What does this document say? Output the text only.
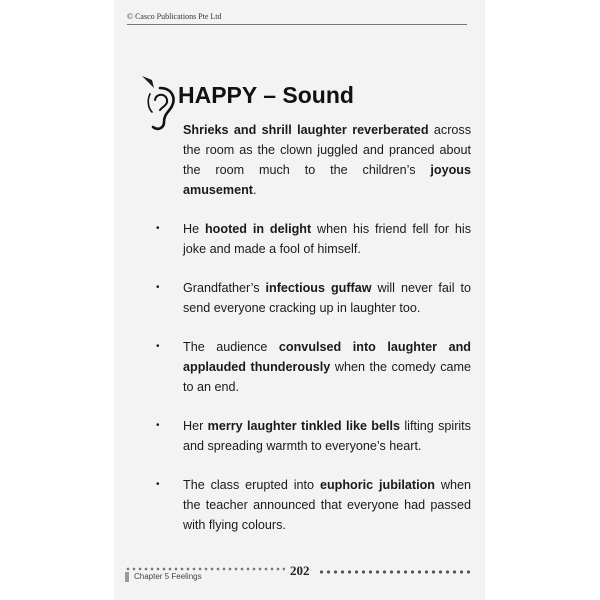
© Casco Publications Pte Ltd
HAPPY – Sound
• Shrieks and shrill laughter reverberated across the room as the clown juggled and pranced about the room much to the children’s joyous amusement.
• He hooted in delight when his friend fell for his joke and made a fool of himself.
• Grandfather’s infectious guffaw will never fail to send everyone cracking up in laughter too.
• The audience convulsed into laughter and applauded thunderously when the comedy came to an end.
• Her merry laughter tinkled like bells lifting spirits and spreading warmth to everyone’s heart.
• The class erupted into euphoric jubilation when the teacher announced that everyone had passed with flying colours.
202
Chapter 5 Feelings
